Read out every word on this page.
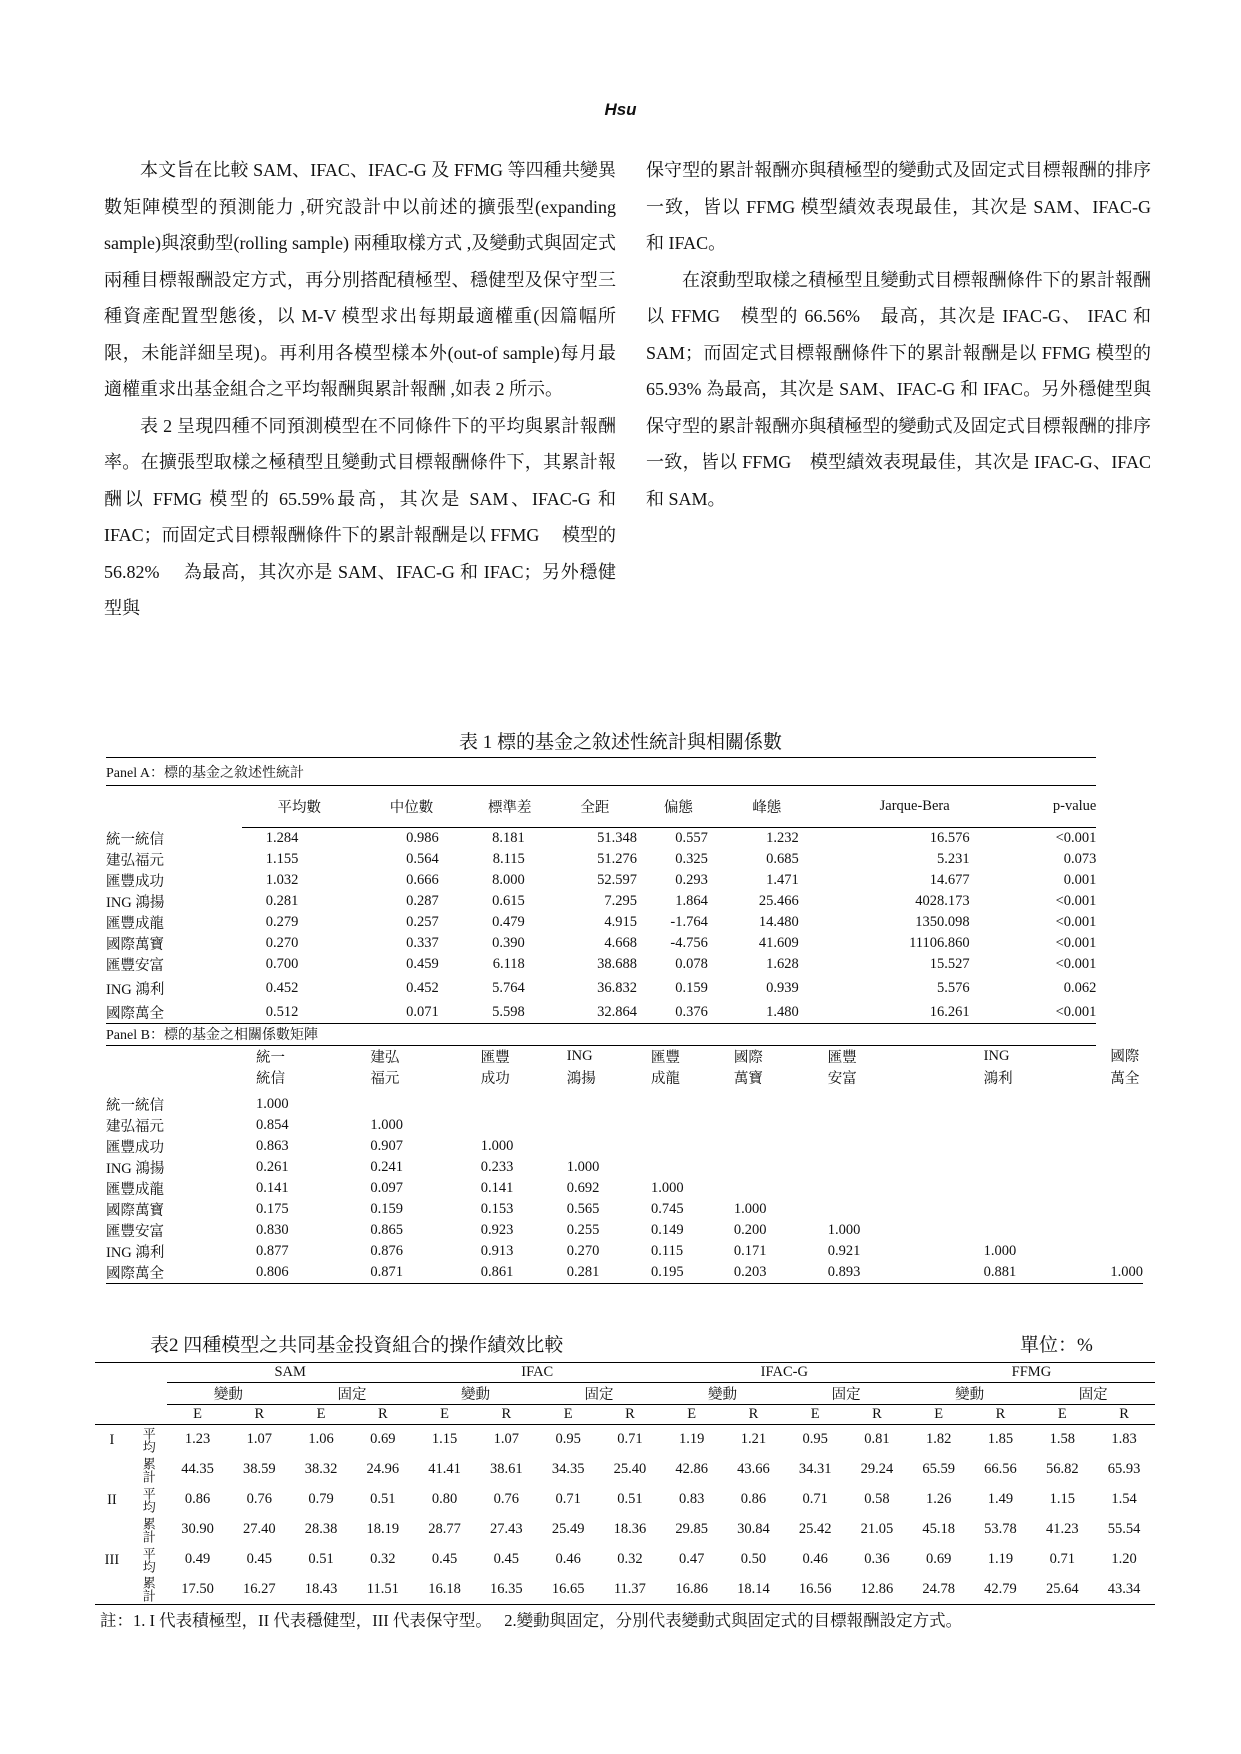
Hsu

本文旨在比較 SAM、IFAC、IFAC-G 及 FFMG 等四種共變異數矩陣模型的預測能力 ,研究設計中以前述的擴張型(expanding sample)與滾動型(rolling sample) 兩種取樣方式 ,及變動式與固定式兩種目標報酬設定方式，再分別搭配積極型、穩健型及保守型三種資產配置型態後，以 M-V 模型求出每期最適權重(因篇幅所限，未能詳細呈現)。再利用各模型樣本外(out-of sample)每月最適權重求出基金組合之平均報酬與累計報酬 ,如表 2 所示。

表 2 呈現四種不同預測模型在不同條件下的平均與累計報酬率。在擴張型取樣之極積型且變動式目標報酬條件下，其累計報酬以 FFMG 模型的 65.59%最高，其次是 SAM、IFAC-G 和 IFAC；而固定式目標報酬條件下的累計報酬是以 FFMG　 模型的 56.82%　 為最高，其次亦是 SAM、IFAC-G 和 IFAC；另外穩健型與

保守型的累計報酬亦與積極型的變動式及固定式目標報酬的排序一致，皆以 FFMG 模型績效表現最佳，其次是 SAM、IFAC-G 和 IFAC。

在滾動型取樣之積極型且變動式目標報酬條件下的累計報酬以 FFMG　模型的 66.56%　最高，其次是 IFAC-G、 IFAC 和 SAM；而固定式目標報酬條件下的累計報酬是以 FFMG 模型的 65.93% 為最高，其次是 SAM、IFAC-G 和 IFAC。另外穩健型與保守型的累計報酬亦與積極型的變動式及固定式目標報酬的排序一致，皆以 FFMG　模型績效表現最佳，其次是 IFAC-G、IFAC 和 SAM。

表 1 標的基金之敘述性統計與相關係數
Panel A：標的基金之敘述性統計									
	平均數	中位數	標準差	全距	偏態	峰態	Jarque-Bera	p-value	
統一統信	1.284	0.986	8.181	51.348	0.557	1.232	16.576	<0.001	
建弘福元	1.155	0.564	8.115	51.276	0.325	0.685	5.231	0.073	
匯豐成功	1.032	0.666	8.000	52.597	0.293	1.471	14.677	0.001	
ING 鴻揚	0.281	0.287	0.615	7.295	1.864	25.466	4028.173	<0.001	
匯豐成龍	0.279	0.257	0.479	4.915	-1.764	14.480	1350.098	<0.001	
國際萬寶	0.270	0.337	0.390	4.668	-4.756	41.609	11106.860	<0.001	
匯豐安富	0.700	0.459	6.118	38.688	0.078	1.628	15.527	<0.001	
ING 鴻利	0.452	0.452	5.764	36.832	0.159	0.939	5.576	0.062	
國際萬全	0.512	0.071	5.598	32.864	0.376	1.480	16.261	<0.001	
Panel B：標的基金之相關係數矩陣									
	統一	建弘	匯豐	ING	匯豐	國際	匯豐	ING	國際
	統信	福元	成功	鴻揚	成龍	萬寶	安富	鴻利	萬全
統一統信	1.000								
建弘福元	0.854	1.000							
匯豐成功	0.863	0.907	1.000						
ING 鴻揚	0.261	0.241	0.233	1.000					
匯豐成龍	0.141	0.097	0.141	0.692	1.000				
國際萬寶	0.175	0.159	0.153	0.565	0.745	1.000			
匯豐安富	0.830	0.865	0.923	0.255	0.149	0.200	1.000		
ING 鴻利	0.877	0.876	0.913	0.270	0.115	0.171	0.921	1.000	
國際萬全	0.806	0.871	0.861	0.281	0.195	0.203	0.893	0.881	1.000
表2 四種模型之共同基金投資組合的操作績效比較	單位：%
		SAM				IFAC				IFAC-G				FFMG			
		變動		固定		變動		固定		變動		固定		變動		固定	
		E	R	E	R	E	R	E	R	E	R	E	R	E	R	E	R
I	平均	1.23	1.07	1.06	0.69	1.15	1.07	0.95	0.71	1.19	1.21	0.95	0.81	1.82	1.85	1.58	1.83
	累計	44.35	38.59	38.32	24.96	41.41	38.61	34.35	25.40	42.86	43.66	34.31	29.24	65.59	66.56	56.82	65.93
II	平均	0.86	0.76	0.79	0.51	0.80	0.76	0.71	0.51	0.83	0.86	0.71	0.58	1.26	1.49	1.15	1.54
	累計	30.90	27.40	28.38	18.19	28.77	27.43	25.49	18.36	29.85	30.84	25.42	21.05	45.18	53.78	41.23	55.54
III	平均	0.49	0.45	0.51	0.32	0.45	0.45	0.46	0.32	0.47	0.50	0.46	0.36	0.69	1.19	0.71	1.20
	累計	17.50	16.27	18.43	11.51	16.18	16.35	16.65	11.37	16.86	18.14	16.56	12.86	24.78	42.79	25.64	43.34
註：1. I 代表積極型，II 代表穩健型，III 代表保守型。　 2.變動與固定，分別代表變動式與固定式的目標報酬設定方式。
